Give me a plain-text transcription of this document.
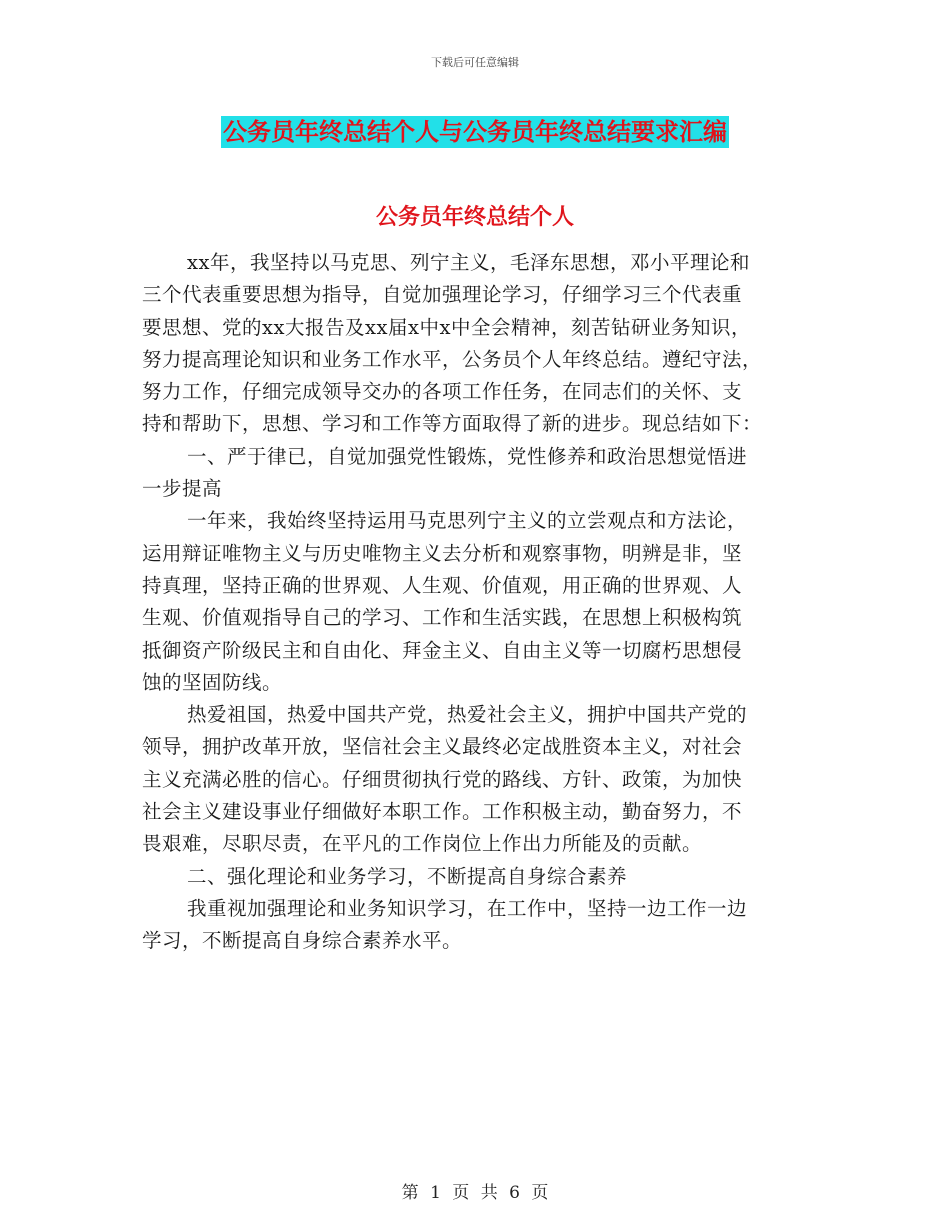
下载后可任意编辑
公务员年终总结个人与公务员年终总结要求汇编
公务员年终总结个人
xx年，我坚持以马克思、列宁主义，毛泽东思想，邓小平理论和
三个代表重要思想为指导，自觉加强理论学习，仔细学习三个代表重
要思想、党的xx大报告及xx届x中x中全会精神，刻苦钻研业务知识，
努力提高理论知识和业务工作水平，公务员个人年终总结。遵纪守法，
努力工作，仔细完成领导交办的各项工作任务，在同志们的关怀、支
持和帮助下，思想、学习和工作等方面取得了新的进步。现总结如下：
一、严于律已，自觉加强党性锻炼，党性修养和政治思想觉悟进
一步提高
一年来，我始终坚持运用马克思列宁主义的立尝观点和方法论，
运用辩证唯物主义与历史唯物主义去分析和观察事物，明辨是非，坚
持真理，坚持正确的世界观、人生观、价值观，用正确的世界观、人
生观、价值观指导自己的学习、工作和生活实践，在思想上积极构筑
抵御资产阶级民主和自由化、拜金主义、自由主义等一切腐朽思想侵
蚀的坚固防线。
热爱祖国，热爱中国共产党，热爱社会主义，拥护中国共产党的
领导，拥护改革开放，坚信社会主义最终必定战胜资本主义，对社会
主义充满必胜的信心。仔细贯彻执行党的路线、方针、政策，为加快
社会主义建设事业仔细做好本职工作。工作积极主动，勤奋努力，不
畏艰难，尽职尽责，在平凡的工作岗位上作出力所能及的贡献。
二、强化理论和业务学习，不断提高自身综合素养
我重视加强理论和业务知识学习，在工作中，坚持一边工作一边
学习，不断提高自身综合素养水平。
第 1 页 共 6 页
